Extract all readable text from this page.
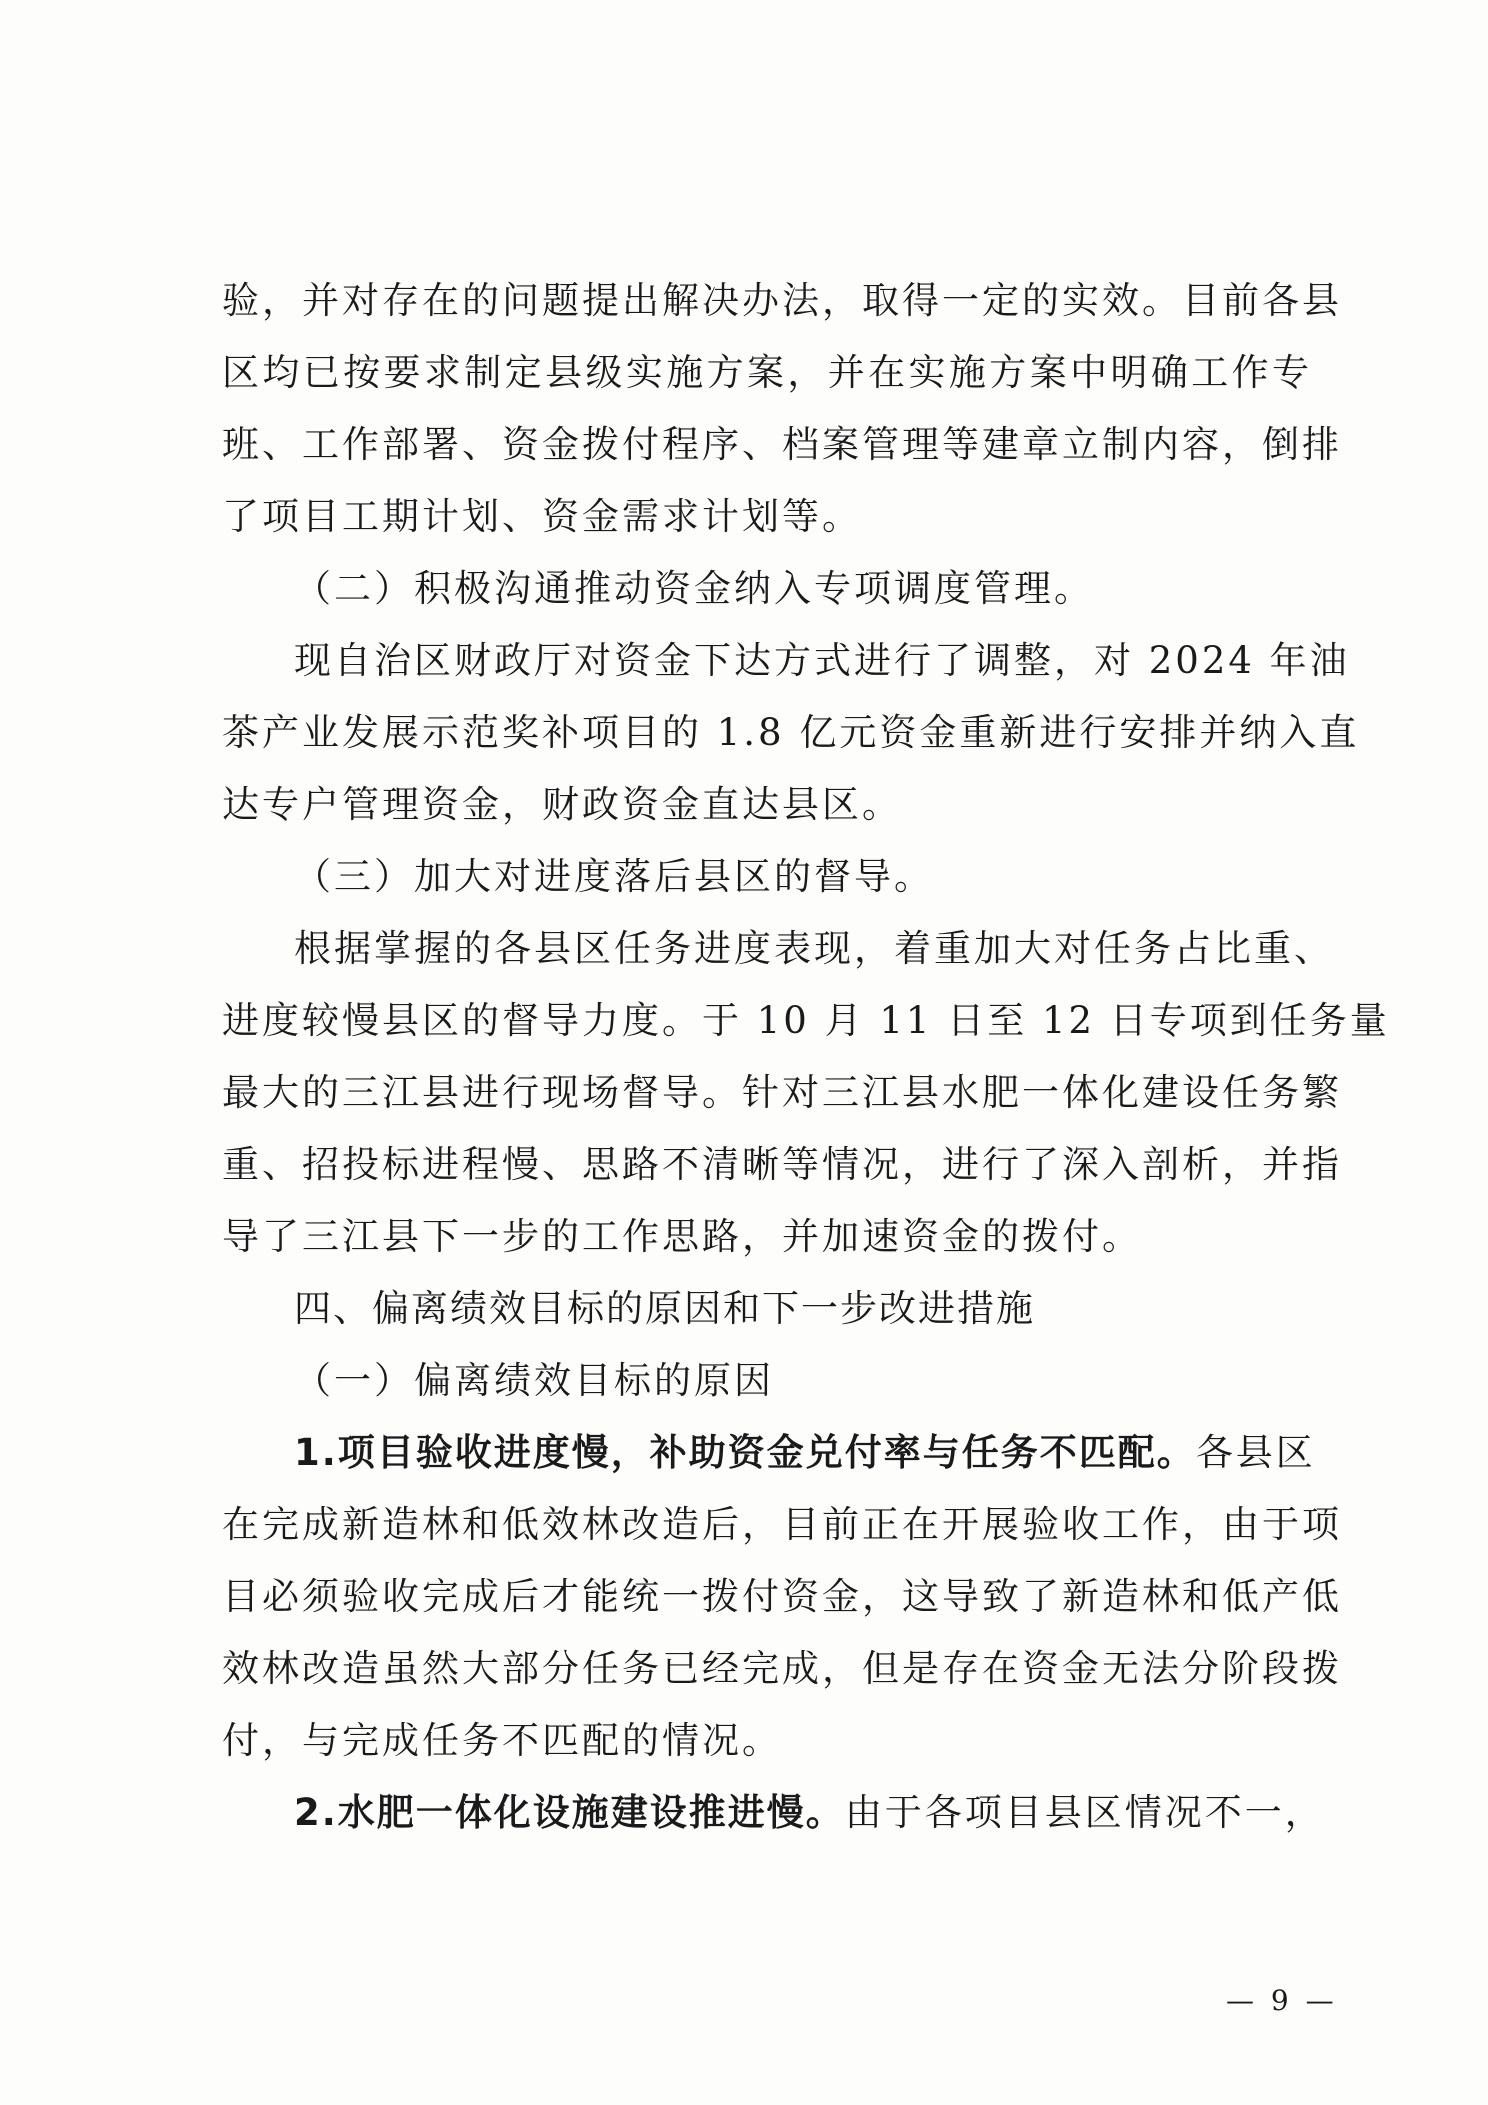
验，并对存在的问题提出解决办法，取得一定的实效。目前各县
区均已按要求制定县级实施方案，并在实施方案中明确工作专
班、工作部署、资金拨付程序、档案管理等建章立制内容，倒排
了项目工期计划、资金需求计划等。
（二）积极沟通推动资金纳入专项调度管理。
现自治区财政厅对资金下达方式进行了调整，对 2024 年油
茶产业发展示范奖补项目的 1.8 亿元资金重新进行安排并纳入直
达专户管理资金，财政资金直达县区。
（三）加大对进度落后县区的督导。
根据掌握的各县区任务进度表现，着重加大对任务占比重、
进度较慢县区的督导力度。于 10 月 11 日至 12 日专项到任务量
最大的三江县进行现场督导。针对三江县水肥一体化建设任务繁
重、招投标进程慢、思路不清晰等情况，进行了深入剖析，并指
导了三江县下一步的工作思路，并加速资金的拨付。
四、偏离绩效目标的原因和下一步改进措施
（一）偏离绩效目标的原因
1.项目验收进度慢，补助资金兑付率与任务不匹配。各县区
在完成新造林和低效林改造后，目前正在开展验收工作，由于项
目必须验收完成后才能统一拨付资金，这导致了新造林和低产低
效林改造虽然大部分任务已经完成，但是存在资金无法分阶段拨
付，与完成任务不匹配的情况。
2.水肥一体化设施建设推进慢。由于各项目县区情况不一，
— 9 —
